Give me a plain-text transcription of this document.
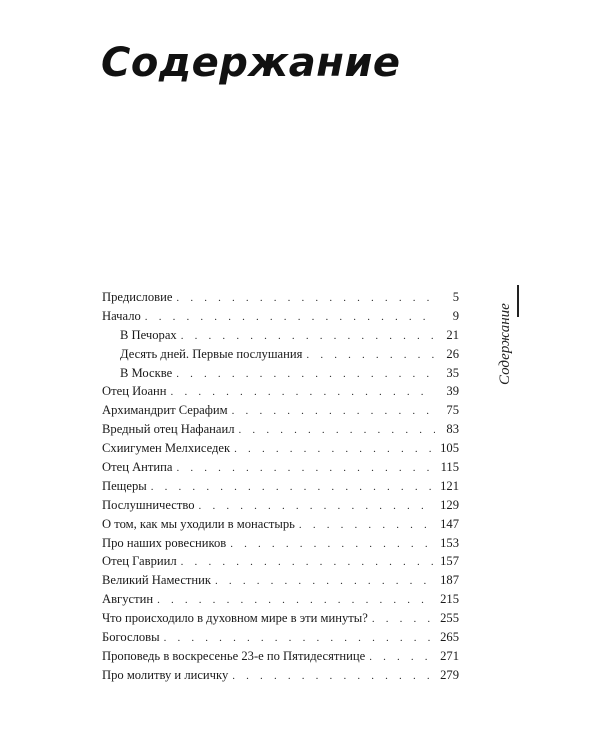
Содержание
Предисловие . . .	5
Начало . . .	9
В Печорах . . .	21
Десять дней. Первые послушания . . .	26
В Москве . . .	35
Отец Иоанн . . .	39
Архимандрит Серафим . . .	75
Вредный отец Нафанаил . . .	83
Схиигумен Мелхиседек . . .	105
Отец Антипа . . .	115
Пещеры . . .	121
Послушничество . . .	129
О том, как мы уходили в монастырь . . .	147
Про наших ровесников . . .	153
Отец Гавриил . . .	157
Великий Наместник . . .	187
Августин . . .	215
Что происходило в духовном мире в эти минуты? . . .	255
Богословы . . .	265
Проповедь в воскресенье 23-е по Пятидесятнице . . .	271
Про молитву и лисичку . . .	279
Содержание
